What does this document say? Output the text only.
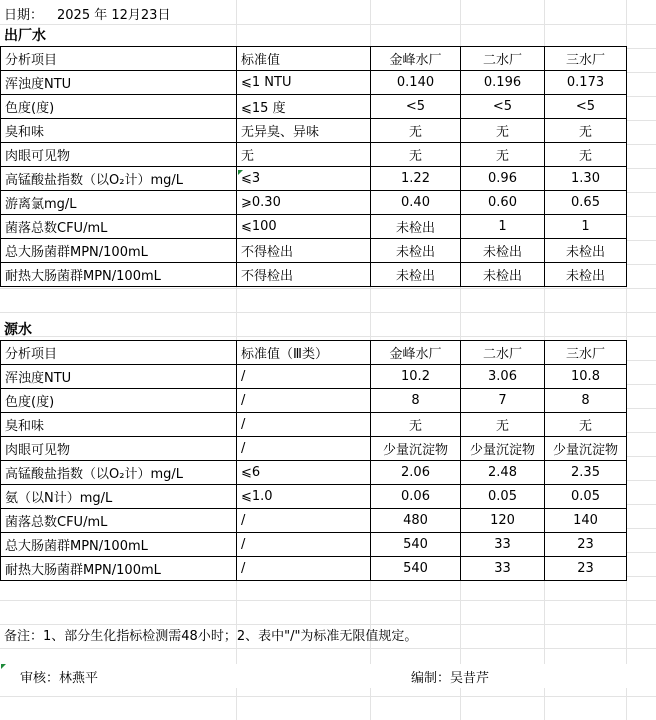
日期： 2025 年 12月23日
出厂水
分析项目	标准值	金峰水厂	二水厂	三水厂
浑浊度NTU	⩽1 NTU	0.140	0.196	0.173
色度(度)	⩽15 度	<5	<5	<5
臭和味	无异臭、异味	无	无	无
肉眼可见物	无	无	无	无
高锰酸盐指数（以O₂计）mg/L	⩽3	1.22	0.96	1.30
游离氯mg/L	⩾0.30	0.40	0.60	0.65
菌落总数CFU/mL	⩽100	未检出	1	1
总大肠菌群MPN/100mL	不得检出	未检出	未检出	未检出
耐热大肠菌群MPN/100mL	不得检出	未检出	未检出	未检出
源水
分析项目	标准值（Ⅲ类）	金峰水厂	二水厂	三水厂
浑浊度NTU	/	10.2	3.06	10.8
色度(度)	/	8	7	8
臭和味	/	无	无	无
肉眼可见物	/	少量沉淀物	少量沉淀物	少量沉淀物
高锰酸盐指数（以O₂计）mg/L	⩽6	2.06	2.48	2.35
氨（以N计）mg/L	⩽1.0	0.06	0.05	0.05
菌落总数CFU/mL	/	480	120	140
总大肠菌群MPN/100mL	/	540	33	23
耐热大肠菌群MPN/100mL	/	540	33	23
备注：1、部分生化指标检测需48小时；2、表中"/"为标准无限值规定。
审核：林燕平	编制：吴昔芹
